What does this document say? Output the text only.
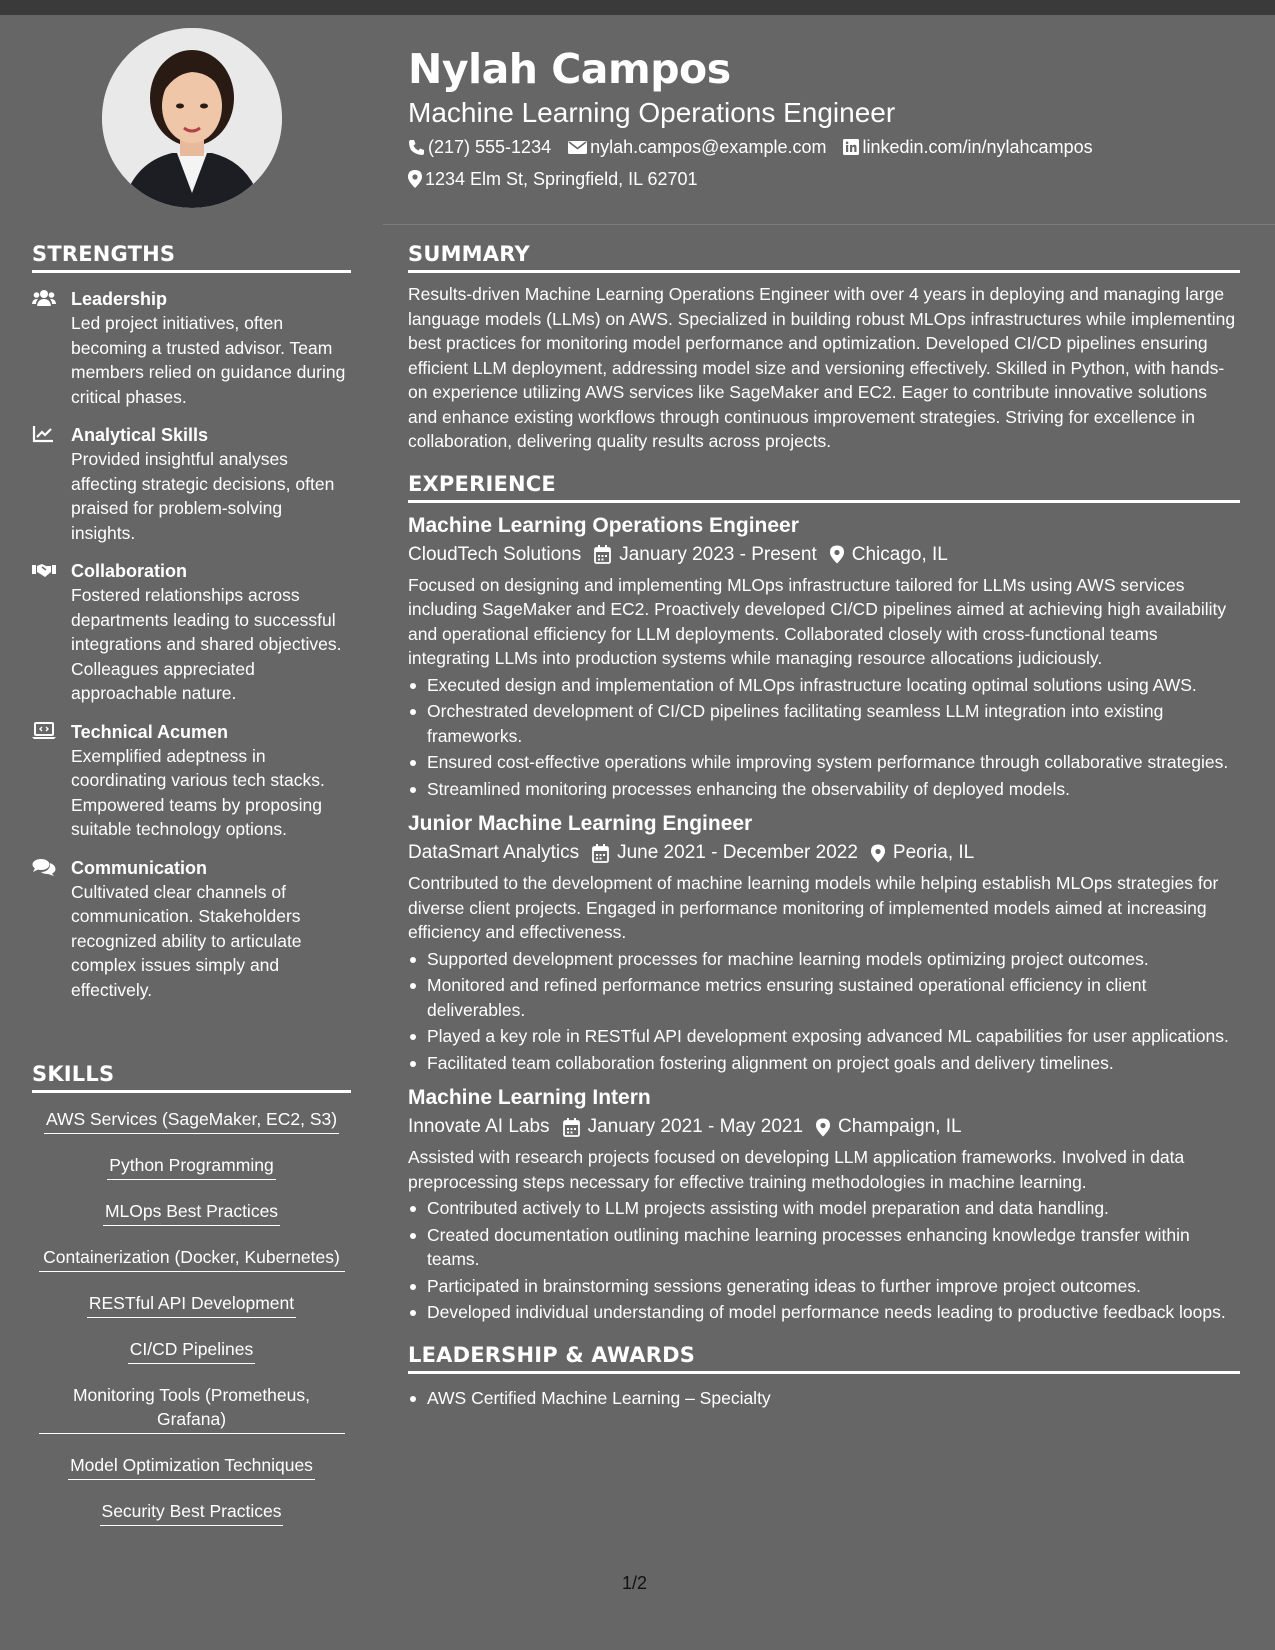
STRENGTHS
Leadership
Led project initiatives, often becoming a trusted advisor. Team members relied on guidance during critical phases.
Analytical Skills
Provided insightful analyses affecting strategic decisions, often praised for problem-solving insights.
Collaboration
Fostered relationships across departments leading to successful integrations and shared objectives. Colleagues appreciated approachable nature.
Technical Acumen
Exemplified adeptness in coordinating various tech stacks. Empowered teams by proposing suitable technology options.
Communication
Cultivated clear channels of communication. Stakeholders recognized ability to articulate complex issues simply and effectively.
SKILLS
AWS Services (SageMaker, EC2, S3)
Python Programming
MLOps Best Practices
Containerization (Docker, Kubernetes)
RESTful API Development
CI/CD Pipelines
Monitoring Tools (Prometheus, Grafana)
Model Optimization Techniques
Security Best Practices
Nylah Campos
Machine Learning Operations Engineer
(217) 555-1234 nylah.campos@example.com linkedin.com/in/nylahcampos
1234 Elm St, Springfield, IL 62701
SUMMARY
Results-driven Machine Learning Operations Engineer with over 4 years in deploying and managing large language models (LLMs) on AWS. Specialized in building robust MLOps infrastructures while implementing best practices for monitoring model performance and optimization. Developed CI/CD pipelines ensuring efficient LLM deployment, addressing model size and versioning effectively. Skilled in Python, with hands-on experience utilizing AWS services like SageMaker and EC2. Eager to contribute innovative solutions and enhance existing workflows through continuous improvement strategies. Striving for excellence in collaboration, delivering quality results across projects.
EXPERIENCE
Machine Learning Operations Engineer
CloudTech Solutions January 2023 - Present Chicago, IL
Focused on designing and implementing MLOps infrastructure tailored for LLMs using AWS services including SageMaker and EC2. Proactively developed CI/CD pipelines aimed at achieving high availability and operational efficiency for LLM deployments. Collaborated closely with cross-functional teams integrating LLMs into production systems while managing resource allocations judiciously.
Executed design and implementation of MLOps infrastructure locating optimal solutions using AWS.
Orchestrated development of CI/CD pipelines facilitating seamless LLM integration into existing frameworks.
Ensured cost-effective operations while improving system performance through collaborative strategies.
Streamlined monitoring processes enhancing the observability of deployed models.
Junior Machine Learning Engineer
DataSmart Analytics June 2021 - December 2022 Peoria, IL
Contributed to the development of machine learning models while helping establish MLOps strategies for diverse client projects. Engaged in performance monitoring of implemented models aimed at increasing efficiency and effectiveness.
Supported development processes for machine learning models optimizing project outcomes.
Monitored and refined performance metrics ensuring sustained operational efficiency in client deliverables.
Played a key role in RESTful API development exposing advanced ML capabilities for user applications.
Facilitated team collaboration fostering alignment on project goals and delivery timelines.
Machine Learning Intern
Innovate AI Labs January 2021 - May 2021 Champaign, IL
Assisted with research projects focused on developing LLM application frameworks. Involved in data preprocessing steps necessary for effective training methodologies in machine learning.
Contributed actively to LLM projects assisting with model preparation and data handling.
Created documentation outlining machine learning processes enhancing knowledge transfer within teams.
Participated in brainstorming sessions generating ideas to further improve project outcomes.
Developed individual understanding of model performance needs leading to productive feedback loops.
LEADERSHIP & AWARDS
AWS Certified Machine Learning – Specialty
1/2
